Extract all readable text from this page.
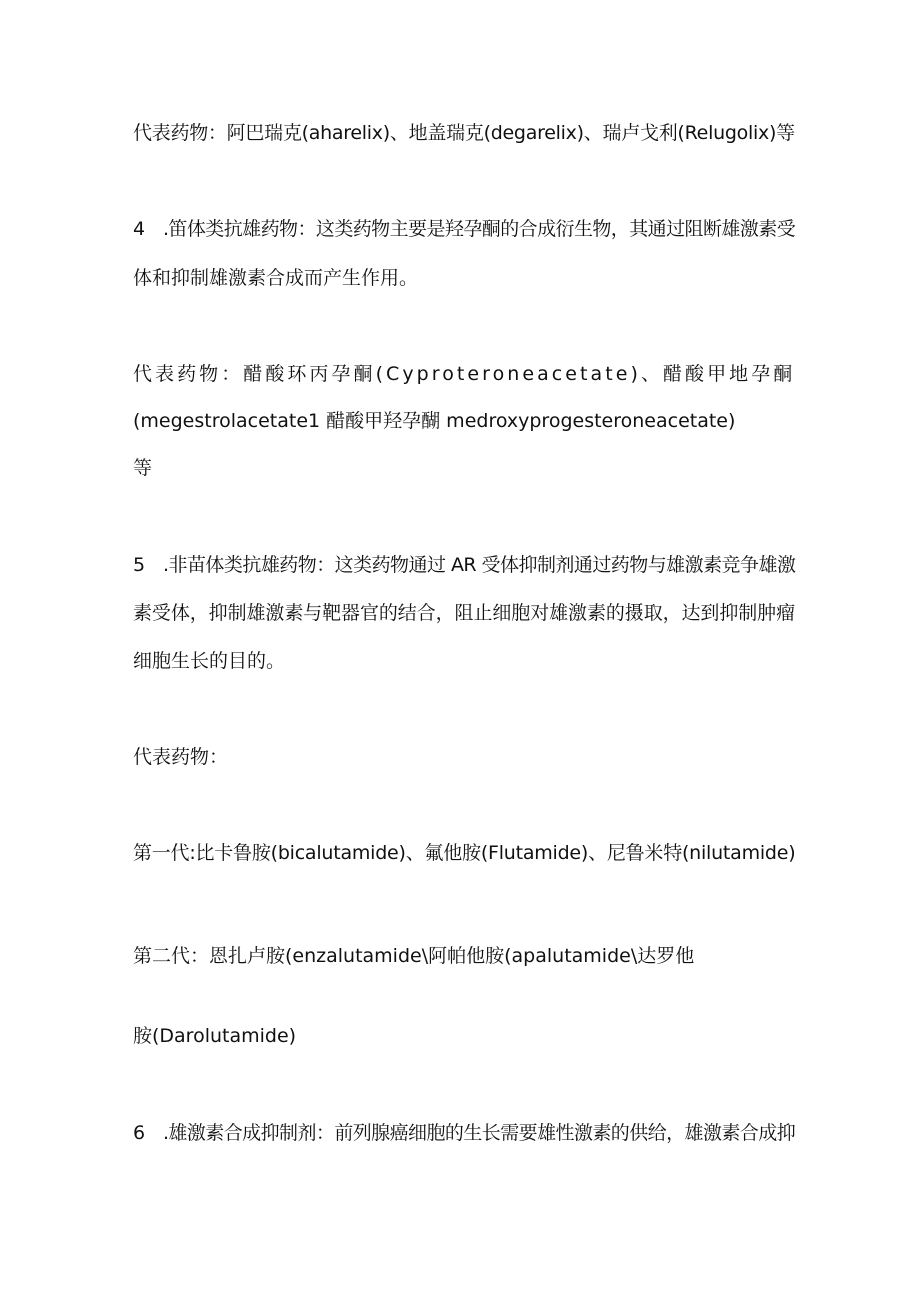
代表药物：阿巴瑞克(aharelix)、地盖瑞克(degarelix)、瑞卢戈利(Relugolix)等

4　.笛体类抗雄药物：这类药物主要是羟孕酮的合成衍生物，其通过阻断雄激素受

体和抑制雄激素合成而产生作用。

代表药物：醋酸环丙孕酮(Cyproteroneacetate)、醋酸甲地孕酮

(megestrolacetate1 醋酸甲羟孕醐 medroxyprogesteroneacetate)

等

5　.非苗体类抗雄药物：这类药物通过 AR 受体抑制剂通过药物与雄激素竞争雄激

素受体，抑制雄激素与靶器官的结合，阻止细胞对雄激素的摄取，达到抑制肿瘤

细胞生长的目的。

代表药物：

第一代:比卡鲁胺(bicalutamide)、氟他胺(Flutamide)、尼鲁米特(nilutamide)

第二代：恩扎卢胺(enzalutamide\阿帕他胺(apalutamide\达罗他

胺(Darolutamide)

6　.雄激素合成抑制剂：前列腺癌细胞的生长需要雄性激素的供给，雄激素合成抑
